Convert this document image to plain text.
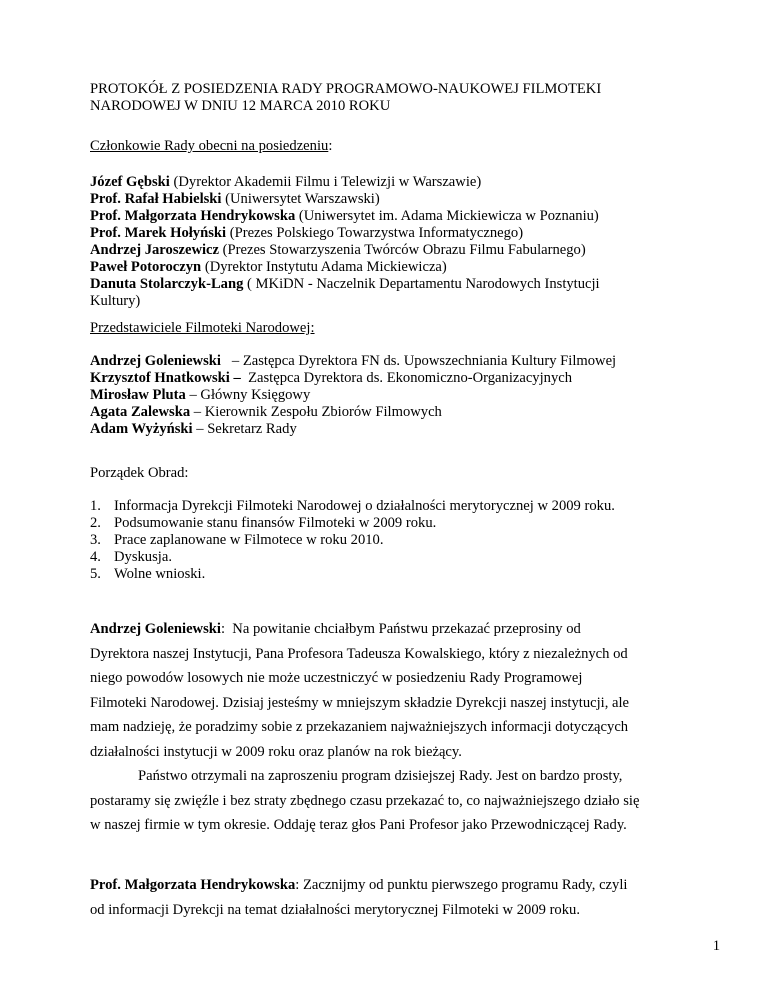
PROTOKÓŁ Z POSIEDZENIA RADY PROGRAMOWO-NAUKOWEJ FILMOTEKI
NARODOWEJ W DNIU 12 MARCA 2010 ROKU
Członkowie Rady obecni na posiedzeniu:
Józef Gębski (Dyrektor Akademii Filmu i Telewizji w Warszawie)
Prof. Rafał Habielski (Uniwersytet Warszawski)
Prof. Małgorzata Hendrykowska (Uniwersytet im. Adama Mickiewicza w Poznaniu)
Prof. Marek Hołyński (Prezes Polskiego Towarzystwa Informatycznego)
Andrzej Jaroszewicz (Prezes Stowarzyszenia Twórców Obrazu Filmu Fabularnego)
Paweł Potoroczyn (Dyrektor Instytutu Adama Mickiewicza)
Danuta Stolarczyk-Lang ( MKiDN - Naczelnik Departamentu Narodowych Instytucji Kultury)
Przedstawiciele Filmoteki Narodowej:
Andrzej Goleniewski   – Zastępca Dyrektora FN ds. Upowszechniania Kultury Filmowej
Krzysztof Hnatkowski –  Zastępca Dyrektora ds. Ekonomiczno-Organizacyjnych
Mirosław Pluta – Główny Księgowy
Agata Zalewska – Kierownik Zespołu Zbiorów Filmowych
Adam Wyżyński – Sekretarz Rady
Porządek Obrad:
1. Informacja Dyrekcji Filmoteki Narodowej o działalności merytorycznej w 2009 roku.
2. Podsumowanie stanu finansów Filmoteki w 2009 roku.
3. Prace zaplanowane w Filmotece w roku 2010.
4. Dyskusja.
5. Wolne wnioski.
Andrzej Goleniewski:  Na powitanie chciałbym Państwu przekazać przeprosiny od
Dyrektora naszej Instytucji, Pana Profesora Tadeusza Kowalskiego, który z niezależnych od
niego powodów losowych nie może uczestniczyć w posiedzeniu Rady Programowej
Filmoteki Narodowej. Dzisiaj jesteśmy w mniejszym składzie Dyrekcji naszej instytucji, ale
mam nadzieję, że poradzimy sobie z przekazaniem najważniejszych informacji dotyczących
działalności instytucji w 2009 roku oraz planów na rok bieżący.
Państwo otrzymali na zaproszeniu program dzisiejszej Rady. Jest on bardzo prosty,
postaramy się zwięźle i bez straty zbędnego czasu przekazać to, co najważniejszego działo się
w naszej firmie w tym okresie. Oddaję teraz głos Pani Profesor jako Przewodniczącej Rady.
Prof. Małgorzata Hendrykowska: Zacznijmy od punktu pierwszego programu Rady, czyli
od informacji Dyrekcji na temat działalności merytorycznej Filmoteki w 2009 roku.
1
